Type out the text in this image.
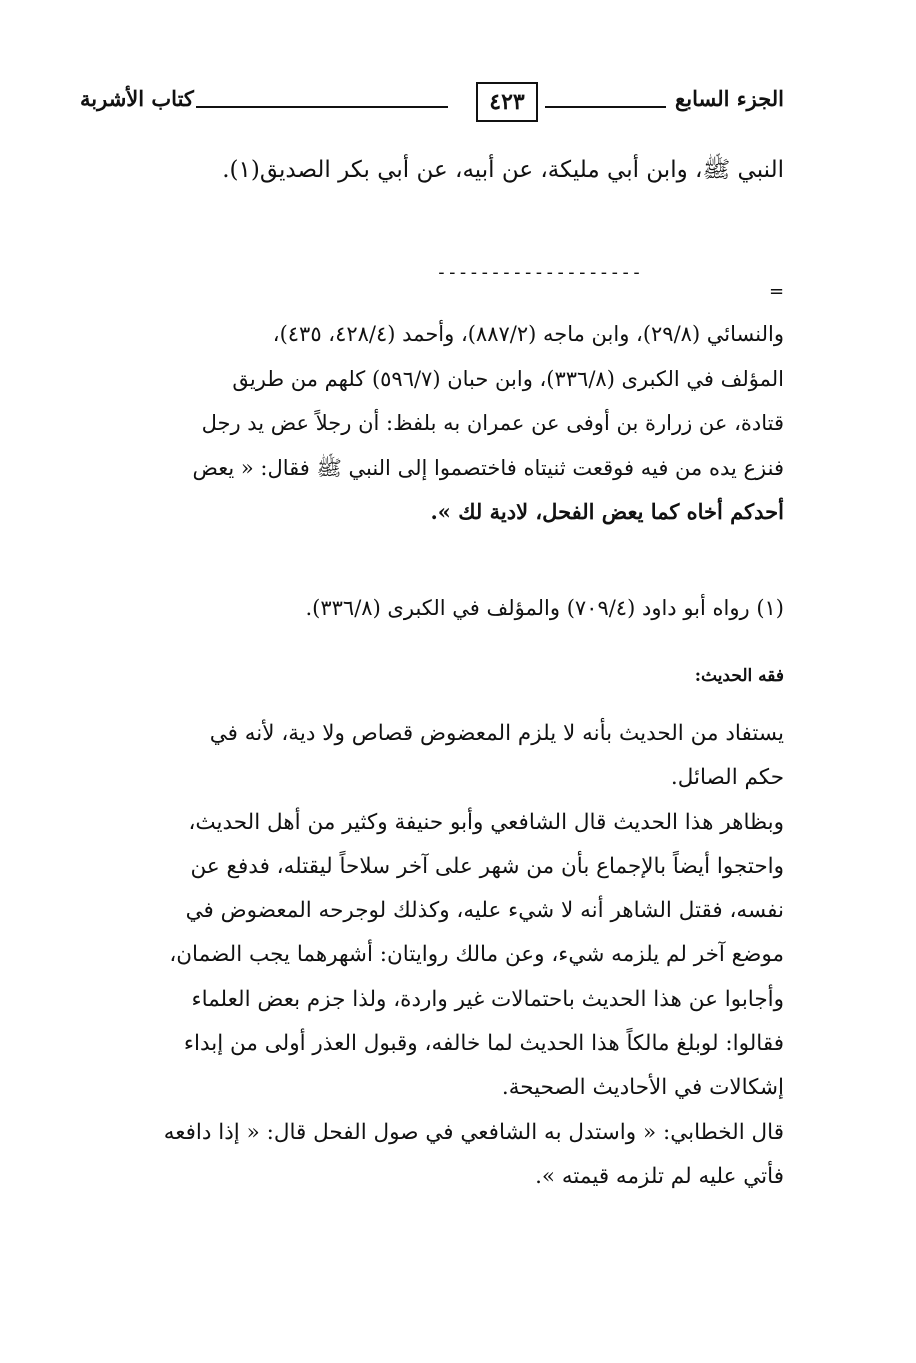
الجزء السابع
٤٢٣
كتاب الأشربة
النبي ﷺ، وابن أبي مليكة، عن أبيه، عن أبي بكر الصديق(١).
-------------------
=
والنسائي (٢٩/٨)، وابن ماجه (٨٨٧/٢)، وأحمد (٤٢٨/٤، ٤٣٥)،
المؤلف في الكبرى (٣٣٦/٨)، وابن حبان (٥٩٦/٧) كلهم من طريق
قتادة، عن زرارة بن أوفى عن عمران به بلفظ: أن رجلاً عض يد رجل
فنزع يده من فيه فوقعت ثنيتاه فاختصموا إلى النبي ﷺ فقال: « يعض
أحدكم أخاه كما يعض الفحل، لادية لك ».
(١) رواه أبو داود (٧٠٩/٤) والمؤلف في الكبرى (٣٣٦/٨).
فقه الحديث:
يستفاد من الحديث بأنه لا يلزم المعضوض قصاص ولا دية، لأنه في
حكم الصائل.
وبظاهر هذا الحديث قال الشافعي وأبو حنيفة وكثير من أهل الحديث،
واحتجوا أيضاً بالإجماع بأن من شهر على آخر سلاحاً ليقتله، فدفع عن
نفسه، فقتل الشاهر أنه لا شيء عليه، وكذلك لوجرحه المعضوض في
موضع آخر لم يلزمه شيء، وعن مالك روايتان: أشهرهما يجب الضمان،
وأجابوا عن هذا الحديث باحتمالات غير واردة، ولذا جزم بعض العلماء
فقالوا: لوبلغ مالكاً هذا الحديث لما خالفه، وقبول العذر أولى من إبداء
إشكالات في الأحاديث الصحيحة.
قال الخطابي: « واستدل به الشافعي في صول الفحل قال: « إذا دافعه
فأتي عليه لم تلزمه قيمته ».
